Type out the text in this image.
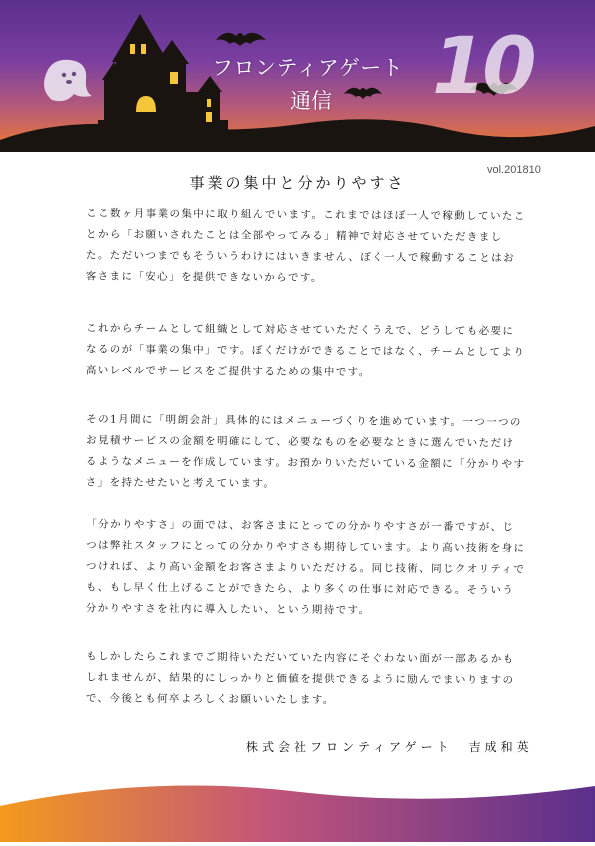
フロンティアゲート
通信 10
vol.201810
事業の集中と分かりやすさ
ここ数ヶ月事業の集中に取り組んでいます。これまではほぼ一人で稼動していたことから「お願いされたことは全部やってみる」精神で対応させていただきました。ただいつまでもそういうわけにはいきません、ぼく一人で稼動することはお客さまに「安心」を提供できないからです。
これからチームとして組織として対応させていただくうえで、どうしても必要になるのが「事業の集中」です。ぼくだけができることではなく、チームとしてより高いレベルでサービスをご提供するための集中です。
その1月間に「明朗会計」具体的にはメニューづくりを進めています。一つ一つのお見積サービスの金額を明確にして、必要なものを必要なときに選んでいただけるようなメニューを作成しています。お預かりいただいている金額に「分かりやすさ」を持たせたいと考えています。
「分かりやすさ」の面では、お客さまにとっての分かりやすさが一番ですが、じつは弊社スタッフにとっての分かりやすさも期待しています。より高い技術を身につければ、より高い金額をお客さまよりいただける。同じ技術、同じクオリティでも、もし早く仕上げることができたら、より多くの仕事に対応できる。そういう分かりやすさを社内に導入したい、という期待です。
もしかしたらこれまでご期待いただいていた内容にそぐわない面が一部あるかもしれませんが、結果的にしっかりと価値を提供できるように励んでまいりますので、今後とも何卒よろしくお願いいたします。
株式会社フロンティアゲート　吉成和英
